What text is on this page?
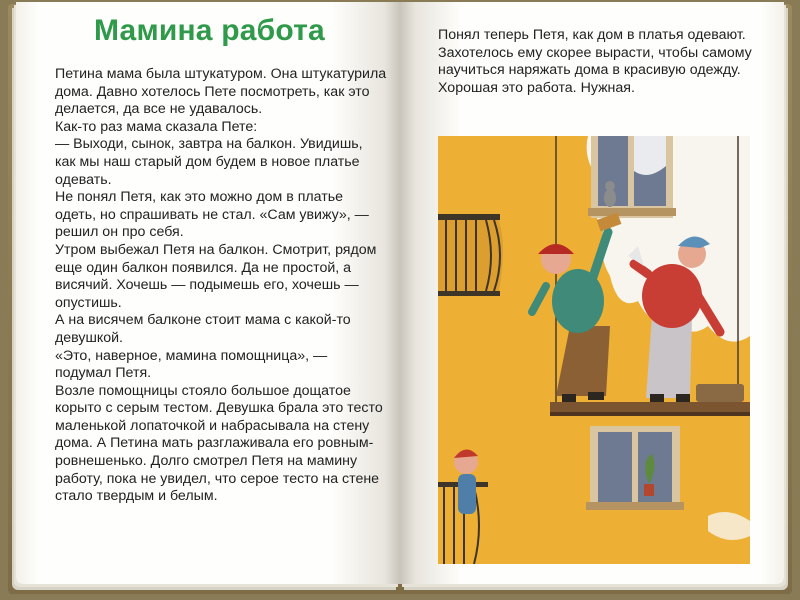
Мамина работа

Петина мама была штукатуром. Она штукатурила дома. Давно хотелось Пете посмотреть, как это делается, да все не удавалось.

Как-то раз мама сказала Пете:

— Выходи, сынок, завтра на балкон. Увидишь, как мы наш старый дом будем в новое платье одевать.

Не понял Петя, как это можно дом в платье одеть, но спрашивать не стал. «Сам увижу», — решил он про себя.

Утром выбежал Петя на балкон. Смотрит, рядом еще один балкон появился. Да не простой, а висячий. Хочешь — подымешь его, хочешь — опустишь.

А на висячем балконе стоит мама с какой-то девушкой.

«Это, наверное, мамина помощница», — подумал Петя.

Возле помощницы стояло большое дощатое корыто с серым тестом. Девушка брала это тесто маленькой лопаточкой и набрасывала на стену дома. А Петина мать разглаживала его ровным-ровнешенько. Долго смотрел Петя на мамину работу, пока не увидел, что серое тесто на стене стало твердым и белым.

Понял теперь Петя, как дом в платья одевают. Захотелось ему скорее вырасти, чтобы самому научиться наряжать дома в красивую одежду.

Хорошая это работа. Нужная.
